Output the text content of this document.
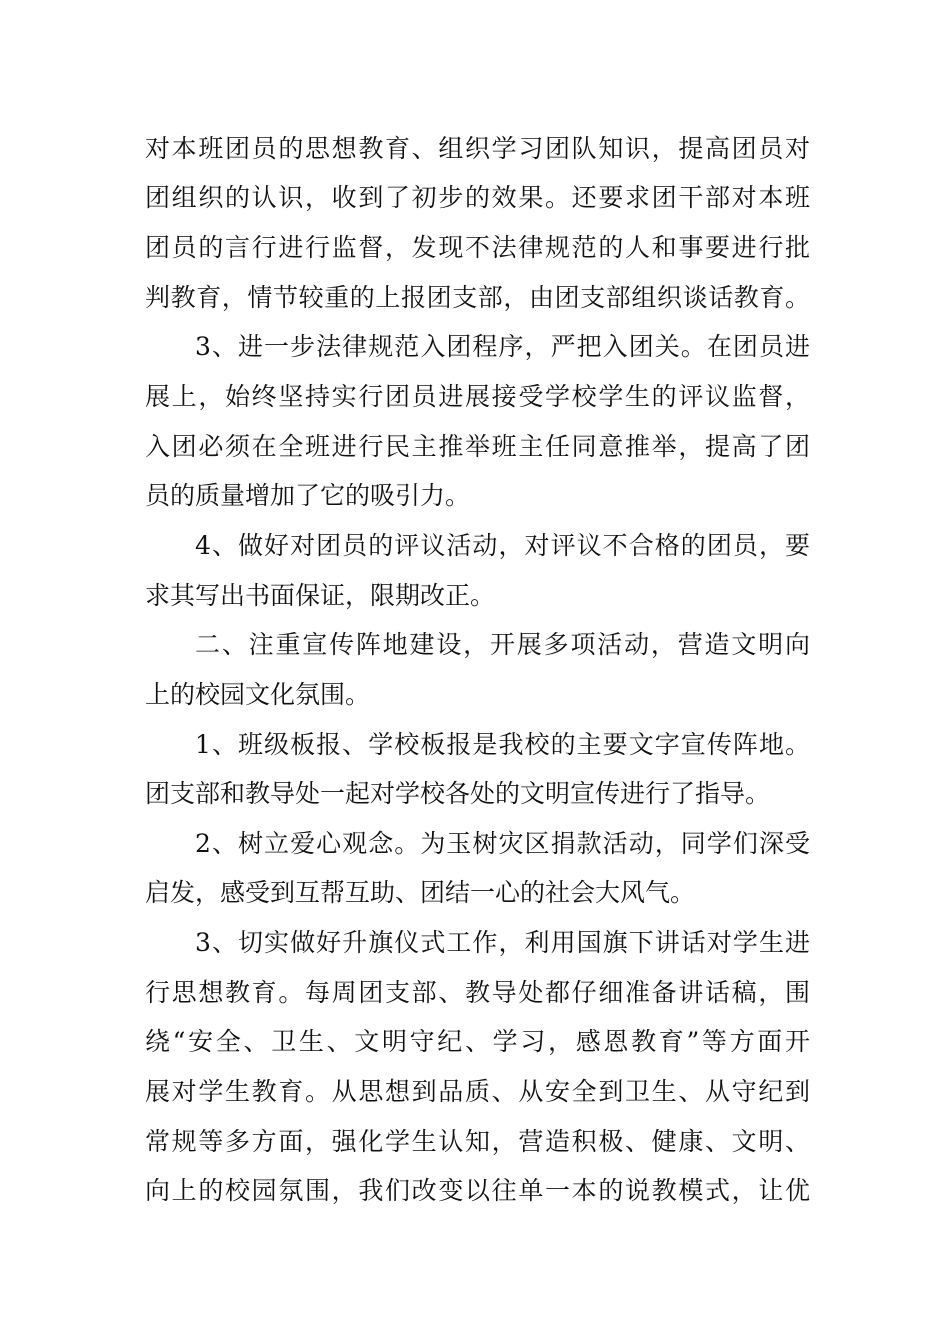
对本班团员的思想教育、组织学习团队知识，提高团员对
团组织的认识，收到了初步的效果。还要求团干部对本班
团员的言行进行监督，发现不法律规范的人和事要进行批
判教育，情节较重的上报团支部，由团支部组织谈话教育。
3、进一步法律规范入团程序，严把入团关。在团员进
展上，始终坚持实行团员进展接受学校学生的评议监督，
入团必须在全班进行民主推举班主任同意推举，提高了团
员的质量增加了它的吸引力。
4、做好对团员的评议活动，对评议不合格的团员，要
求其写出书面保证，限期改正。
二、注重宣传阵地建设，开展多项活动，营造文明向
上的校园文化氛围。
1、班级板报、学校板报是我校的主要文字宣传阵地。
团支部和教导处一起对学校各处的文明宣传进行了指导。
2、树立爱心观念。为玉树灾区捐款活动，同学们深受
启发，感受到互帮互助、团结一心的社会大风气。
3、切实做好升旗仪式工作，利用国旗下讲话对学生进
行思想教育。每周团支部、教导处都仔细准备讲话稿，围
绕“安全、卫生、文明守纪、学习，感恩教育”等方面开
展对学生教育。从思想到品质、从安全到卫生、从守纪到
常规等多方面，强化学生认知，营造积极、健康、文明、
向上的校园氛围，我们改变以往单一本的说教模式，让优
